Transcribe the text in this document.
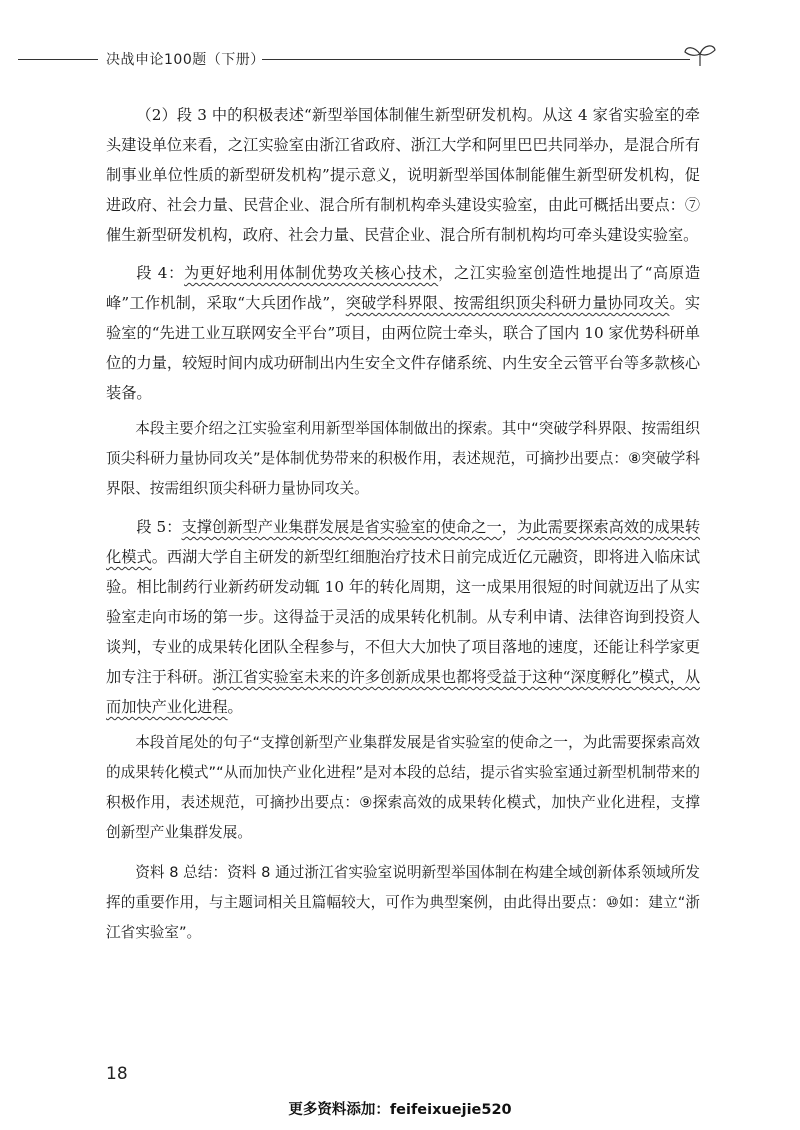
决战申论100题（下册）

（2）段 3 中的积极表述“新型举国体制催生新型研发机构。从这 4 家省实验室的牵头建设单位来看，之江实验室由浙江省政府、浙江大学和阿里巴巴共同举办，是混合所有制事业单位性质的新型研发机构”提示意义，说明新型举国体制能催生新型研发机构，促进政府、社会力量、民营企业、混合所有制机构牵头建设实验室，由此可概括出要点：⑦催生新型研发机构，政府、社会力量、民营企业、混合所有制机构均可牵头建设实验室。

段 4：为更好地利用体制优势攻关核心技术，之江实验室创造性地提出了“高原造峰”工作机制，采取“大兵团作战”，突破学科界限、按需组织顶尖科研力量协同攻关。实验室的“先进工业互联网安全平台”项目，由两位院士牵头，联合了国内 10 家优势科研单位的力量，较短时间内成功研制出内生安全文件存储系统、内生安全云管平台等多款核心装备。

本段主要介绍之江实验室利用新型举国体制做出的探索。其中“突破学科界限、按需组织顶尖科研力量协同攻关”是体制优势带来的积极作用，表述规范，可摘抄出要点：⑧突破学科界限、按需组织顶尖科研力量协同攻关。

段 5：支撑创新型产业集群发展是省实验室的使命之一，为此需要探索高效的成果转化模式。西湖大学自主研发的新型红细胞治疗技术日前完成近亿元融资，即将进入临床试验。相比制药行业新药研发动辄 10 年的转化周期，这一成果用很短的时间就迈出了从实验室走向市场的第一步。这得益于灵活的成果转化机制。从专利申请、法律咨询到投资人谈判，专业的成果转化团队全程参与，不但大大加快了项目落地的速度，还能让科学家更加专注于科研。浙江省实验室未来的许多创新成果也都将受益于这种“深度孵化”模式，从而加快产业化进程。

本段首尾处的句子“支撑创新型产业集群发展是省实验室的使命之一，为此需要探索高效的成果转化模式”“从而加快产业化进程”是对本段的总结，提示省实验室通过新型机制带来的积极作用，表述规范，可摘抄出要点：⑨探索高效的成果转化模式，加快产业化进程，支撑创新型产业集群发展。

资料 8 总结：资料 8 通过浙江省实验室说明新型举国体制在构建全域创新体系领域所发挥的重要作用，与主题词相关且篇幅较大，可作为典型案例，由此得出要点：⑩如：建立“浙江省实验室”。

18
更多资料添加：feifeixuejie520
